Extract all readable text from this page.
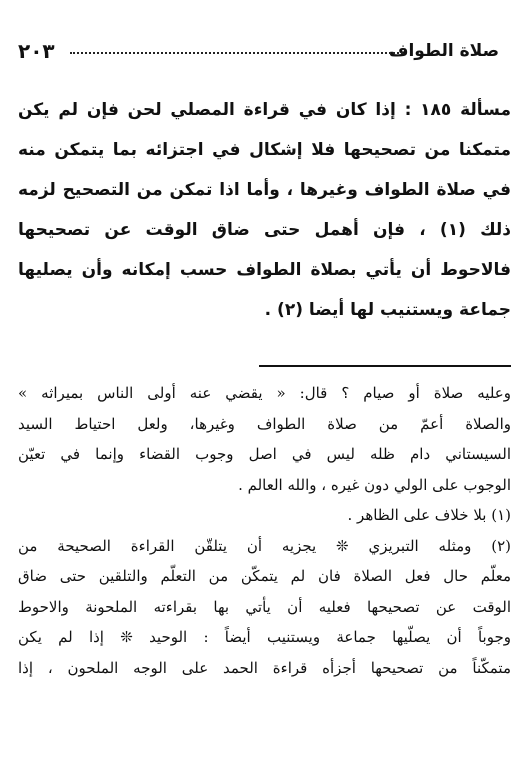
صلاة الطواف
٢٠٣

مسألة ١٨٥ : إذا كان في قراءة المصلي لحن فإن لم يكن
متمكنا من تصحيحها فلا إشكال في اجتزائه بما يتمكن منه
في صلاة الطواف وغيرها ، وأما اذا تمكن من التصحيح لزمه
ذلك (١) ، فإن أهمل حتى ضاق الوقت عن تصحيحها
فالاحوط أن يأتي بصلاة الطواف حسب إمكانه وأن يصليها
جماعة ويستنيب لها أيضا (٢) .

وعليه صلاة أو صيام ؟ قال: « يقضي عنه أولى الناس بميراثه »
والصلاة أعمّ من صلاة الطواف وغيرها، ولعل احتياط السيد
السيستاني دام ظله ليس في اصل وجوب القضاء وإنما في تعيّن
الوجوب على الولي دون غيره ، والله العالم .
(١) بلا خلاف على الظاهر .
(٢) ومثله التبريزي ❊ يجزيه أن يتلقّن القراءة الصحيحة من
معلّم حال فعل الصلاة فان لم يتمكّن من التعلّم والتلقين حتى ضاق
الوقت عن تصحيحها فعليه أن يأتي بها بقراءته الملحونة والاحوط
وجوباً أن يصلّيها جماعة ويستنيب أيضاً : الوحيد ❊ إذا لم يكن
متمكّناً من تصحيحها أجزأه قراءة الحمد على الوجه الملحون ، إذا
